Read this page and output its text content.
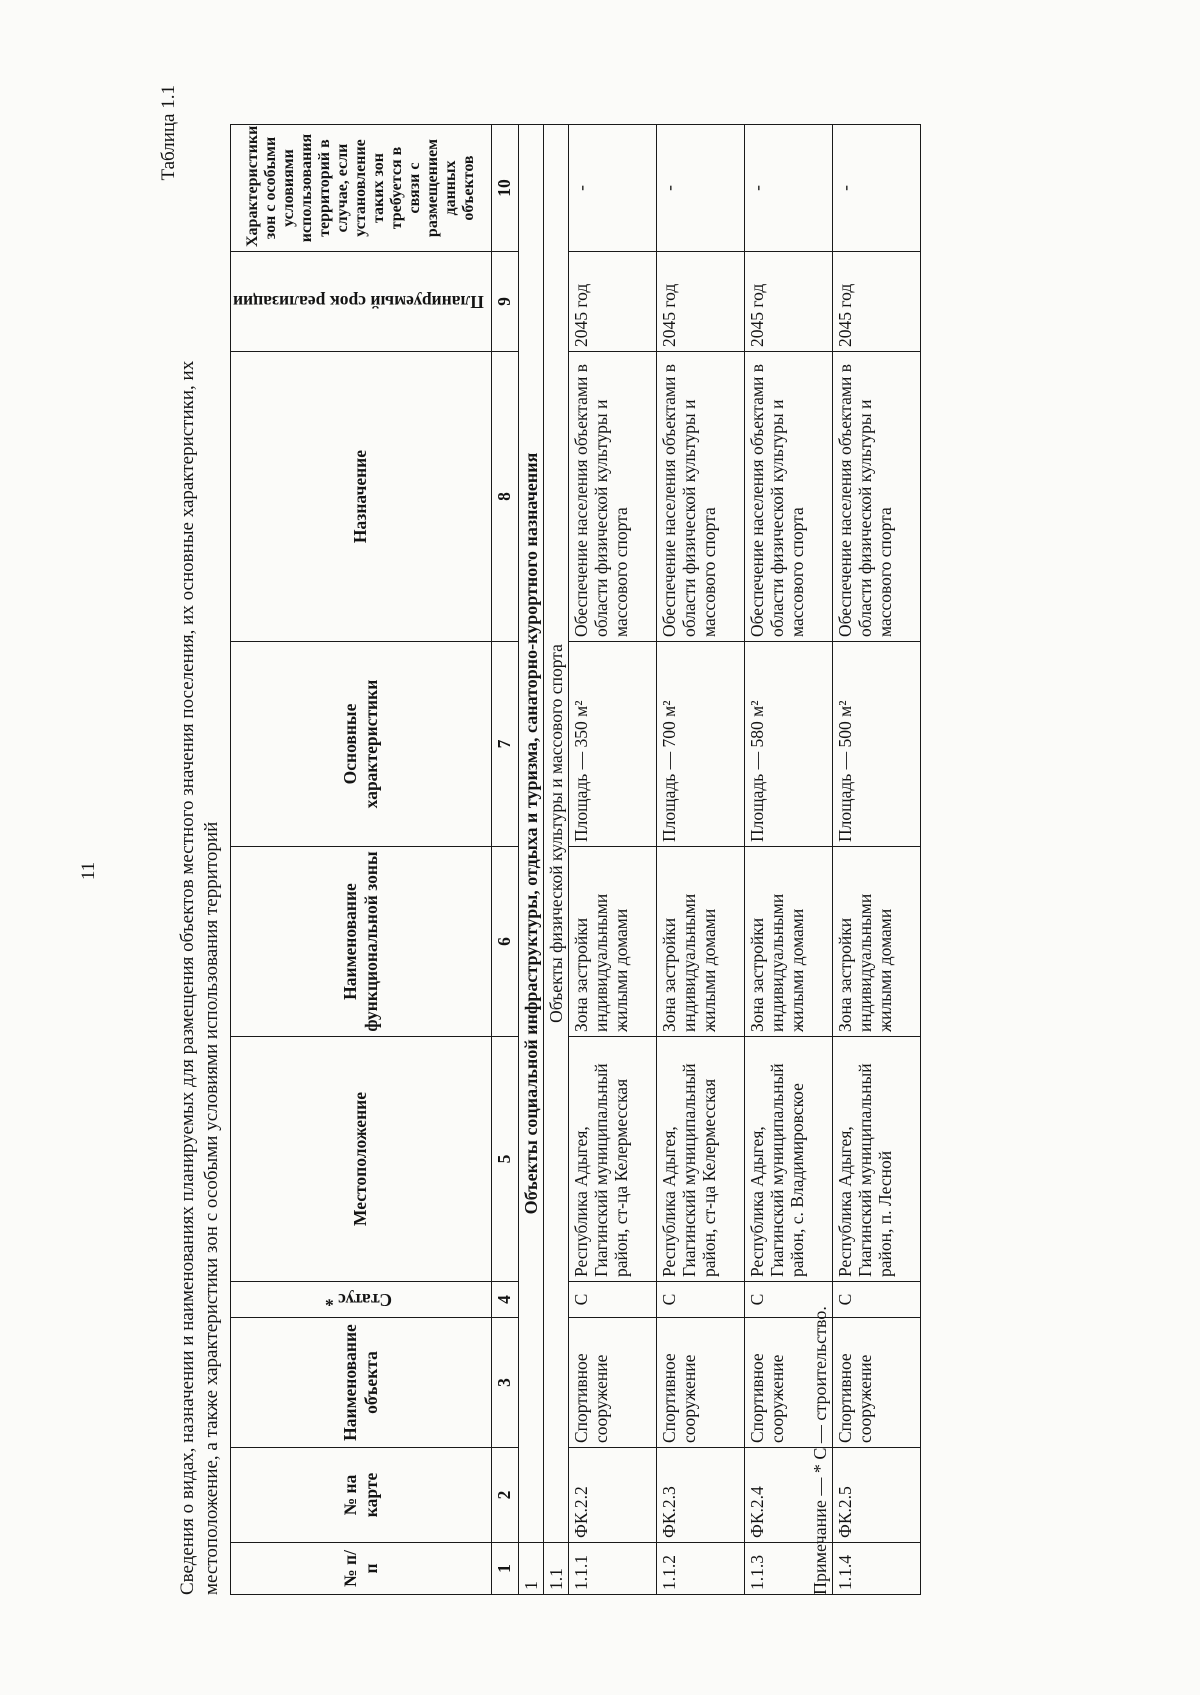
11
Таблица 1.1
Сведения о видах, назначении и наименованиях планируемых для размещения объектов местного значения поселения, их основные характеристики, их местоположение, а также характеристики зон с особыми условиями использования территорий	№ п/п	№ на карте	Наименование объекта	Статус *	Местоположение	Наименование функциональной зоны	Основные характеристики	Назначение	Планируемый срок реализации	Характеристики зон с особыми условиями использования территорий в случае, если установление таких зон требуется в связи с размещением данных объектов
1	2	3	4	5	6	7	8	9	10
1	Объекты социальной инфраструктуры, отдыха и туризма, санаторно-курортного назначения								
1.1	Объекты физической культуры и массового спорта								
1.1.1	ФК.2.2	Спортивное сооружение	С	Республика Адыгея, Гиагинский муниципальный район, ст-ца Келермесская	Зона застройки индивидуальными жилыми домами	Площадь — 350 м²	Обеспечение населения объектами в области физической культуры и массового спорта	2045 год	-
1.1.2	ФК.2.3	Спортивное сооружение	С	Республика Адыгея, Гиагинский муниципальный район, ст-ца Келермесская	Зона застройки индивидуальными жилыми домами	Площадь — 700 м²	Обеспечение населения объектами в области физической культуры и массового спорта	2045 год	-
1.1.3	ФК.2.4	Спортивное сооружение	С	Республика Адыгея, Гиагинский муниципальный район, с. Владимировское	Зона застройки индивидуальными жилыми домами	Площадь — 580 м²	Обеспечение населения объектами в области физической культуры и массового спорта	2045 год	-
1.1.4	ФК.2.5	Спортивное сооружение	С	Республика Адыгея, Гиагинский муниципальный район, п. Лесной	Зона застройки индивидуальными жилыми домами	Площадь — 500 м²	Обеспечение населения объектами в области физической культуры и массового спорта	2045 год	-
Примечание — * С — строительство.
